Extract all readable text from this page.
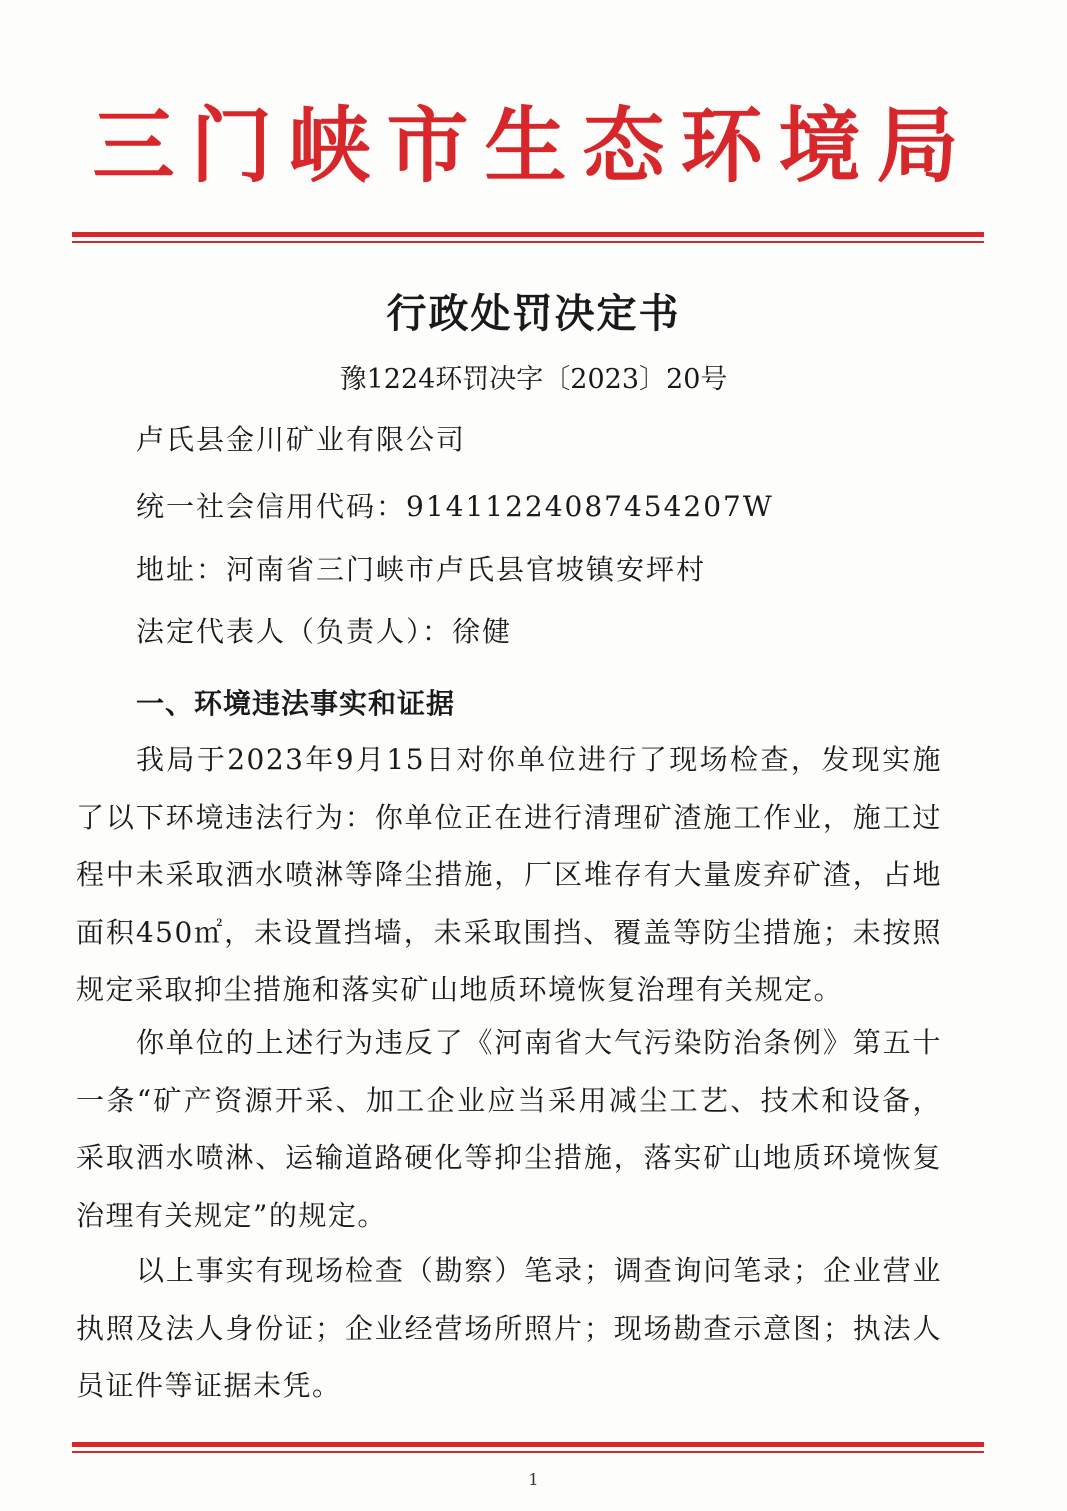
三门峡市生态环境局
行政处罚决定书
豫1224环罚决字〔2023〕20号
卢氏县金川矿业有限公司
统一社会信用代码：9141122408745420​7W
地址：河南省三门峡市卢氏县官坡镇安坪村
法定代表人（负责人）：徐健
一、环境违法事实和证据

我局于2023年9月15日对你单位进行了现场检查，发现实施了以下环境违法行为：你单位正在进行清理矿渣施工作业，施工过程中未采取洒水喷淋等降尘措施，厂区堆存有大量废弃矿渣，占地面积450㎡，未设置挡墙，未采取围挡、覆盖等防尘措施；未按照规定采取抑尘措施和落实矿山地质环境恢复治理有关规定。

你单位的上述行为违反了《河南省大气污染防治条例》第五十一条“矿产资源开采、加工企业应当采用减尘工艺、技术和设备，采取洒水喷淋、运输道路硬化等抑尘措施，落实矿山地质环境恢复治理有关规定”的规定。

以上事实有现场检查（勘察）笔录；调查询问笔录；企业营业执照及法人身份证；企业经营场所照片；现场勘查示意图；执法人员证件等证据未凭。

1
